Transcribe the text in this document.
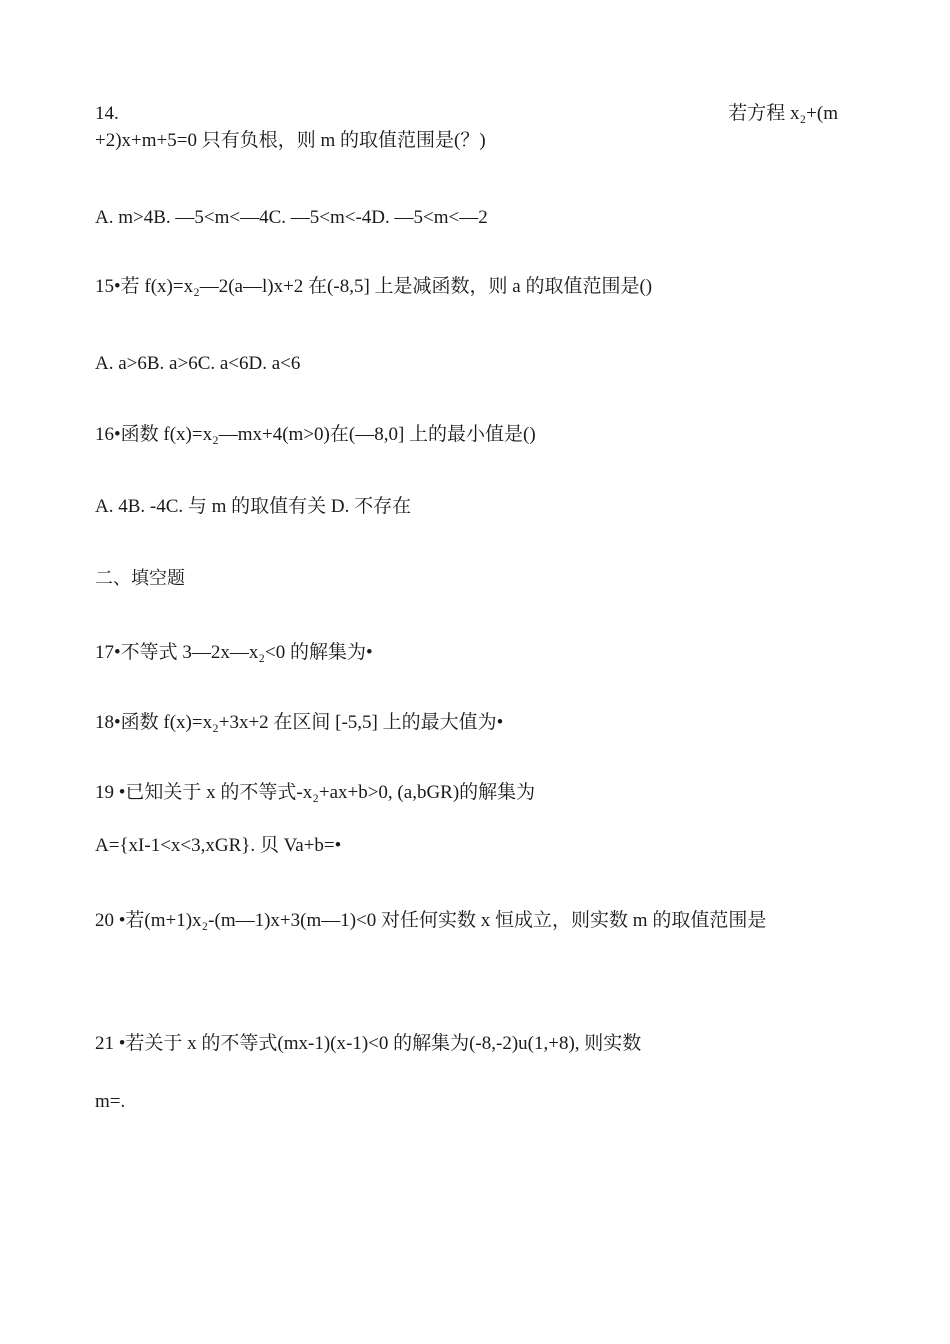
14.	若方程 x₂+(m
+2)x+m+5=0 只有负根，则 m 的取值范围是(？)
A. m>4B. —5<m<—4C. —5<m<-4D. —5<m<—2
15•若 f(x)=x₂—2(a—l)x+2 在(-8,5] 上是减函数，则 a 的取值范围是()
A. a>6B. a>6C. a<6D. a<6
16•函数 f(x)=x₂—mx+4(m>0)在(—8,0] 上的最小值是()
A. 4B. -4C. 与 m 的取值有关 D. 不存在
二、填空题
17•不等式 3—2x—x₂<0 的解集为•
18•函数 f(x)=x₂+3x+2 在区间 [-5,5] 上的最大值为•
19 •已知关于 x 的不等式-x₂+ax+b>0, (a,bGR)的解集为
A={xI-1<x<3,xGR}. 贝 Va+b=•
20 •若(m+1)x₂-(m—1)x+3(m—1)<0 对任何实数 x 恒成立，则实数 m 的取值范围是
21 •若关于 x 的不等式(mx-1)(x-1)<0 的解集为(-8,-2)u(1,+8), 则实数
m=.
